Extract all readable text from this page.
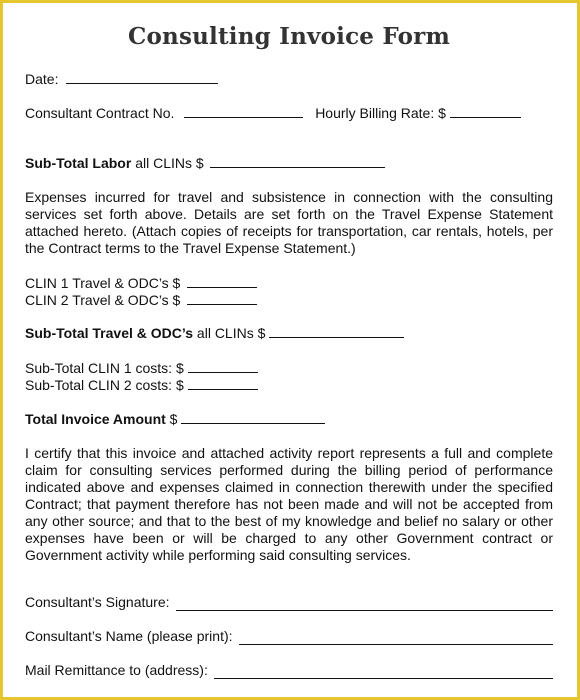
Consulting Invoice Form
Date:
Consultant Contract No.	Hourly Billing Rate: $
Sub-Total Labor all CLINs $
Expenses incurred for travel and subsistence in connection with the consulting services set forth above. Details are set forth on the Travel Expense Statement attached hereto. (Attach copies of receipts for transportation, car rentals, hotels, per the Contract terms to the Travel Expense Statement.)
CLIN 1 Travel & ODC’s $
CLIN 2 Travel & ODC’s $
Sub-Total Travel & ODC’s all CLINs $
Sub-Total CLIN 1 costs: $
Sub-Total CLIN 2 costs: $
Total Invoice Amount $
I certify that this invoice and attached activity report represents a full and complete claim for consulting services performed during the billing period of performance indicated above and expenses claimed in connection therewith under the specified Contract; that payment therefore has not been made and will not be accepted from any other source; and that to the best of my knowledge and belief no salary or other expenses have been or will be charged to any other Government contract or Government activity while performing said consulting services.
Consultant’s Signature:
Consultant’s Name (please print):
Mail Remittance to (address):
